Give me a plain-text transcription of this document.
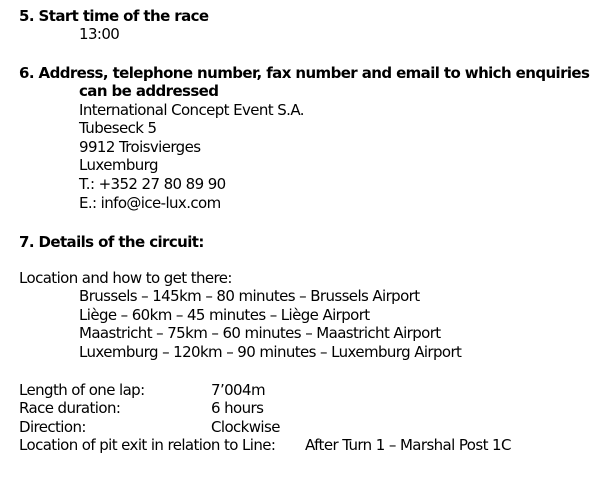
5. Start time of the race
13:00
6. Address, telephone number, fax number and email to which enquiries
can be addressed
International Concept Event S.A.
Tubeseck 5
9912 Troisvierges
Luxemburg
T.: +352 27 80 89 90
E.: info@ice-lux.com
7. Details of the circuit:
Location and how to get there:
Brussels – 145km – 80 minutes – Brussels Airport
Liège – 60km – 45 minutes – Liège Airport
Maastricht – 75km – 60 minutes – Maastricht Airport
Luxemburg – 120km – 90 minutes – Luxemburg Airport
Length of one lap:	7’004m
Race duration:	6 hours
Direction:	Clockwise
Location of pit exit in relation to Line: After Turn 1 – Marshal Post 1C
